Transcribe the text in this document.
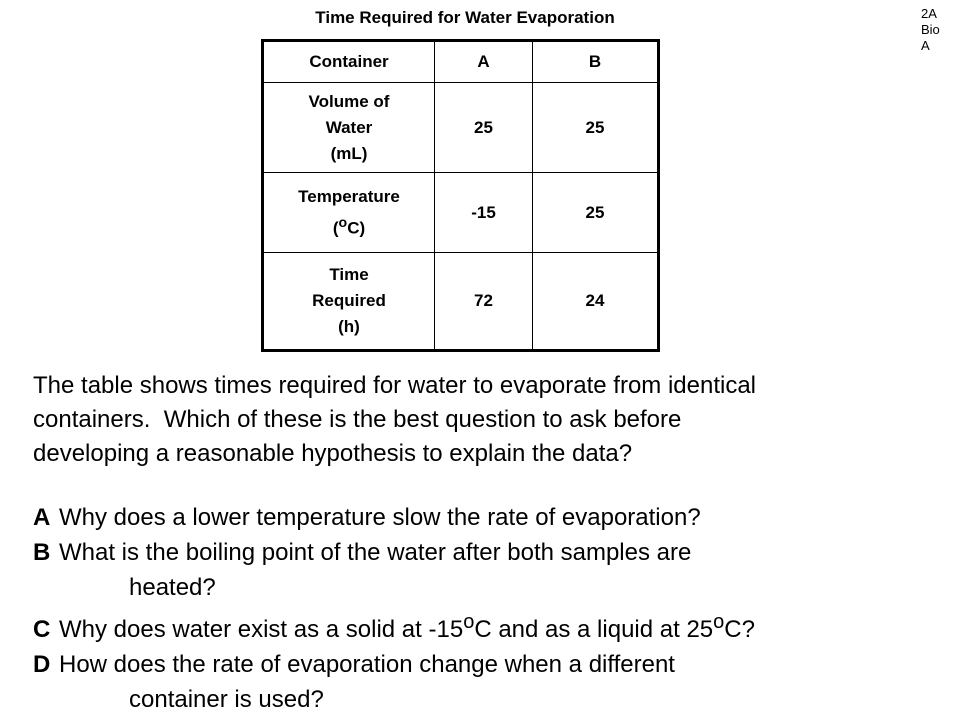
Time Required for Water Evaporation	2A
Bio
A
Container	A	B

Volume of
Water
(mL)	25	25

Temperature
($^o$C)	-15	25

Time
Required
(h)	72	24
The table shows times required for water to evaporate from identical
containers.  Which of these is the best question to ask before
developing a reasonable hypothesis to explain the data?
A Why does a lower temperature slow the rate of evaporation?
B What is the boiling point of the water after both samples are
heated?
C Why does water exist as a solid at -15$^o$C and as a liquid at 25$^o$C?
D How does the rate of evaporation change when a different
container is used?
